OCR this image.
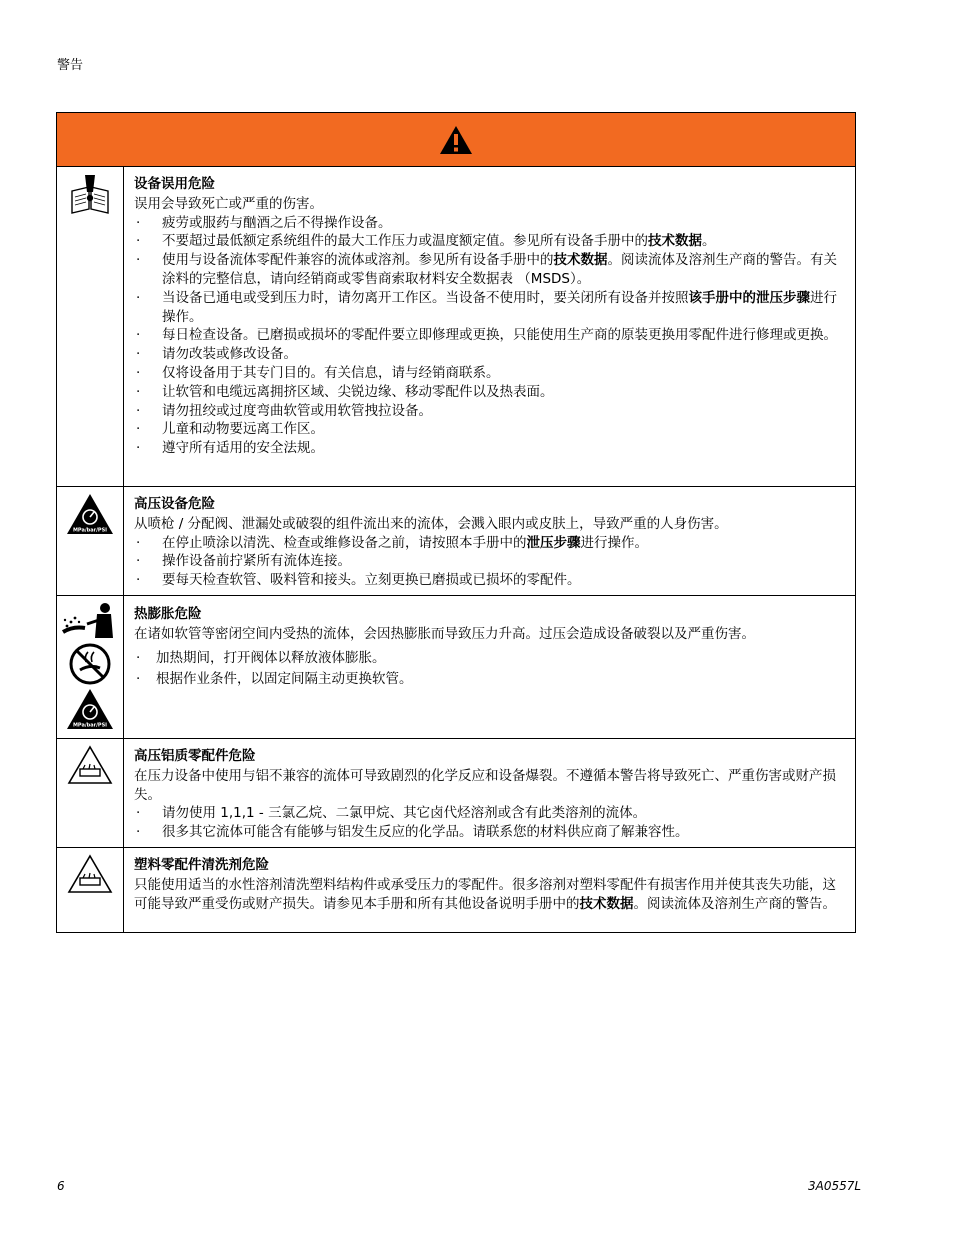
警告
设备误用危险
误用会导致死亡或严重的伤害。
· 疲劳或服药与酗酒之后不得操作设备。
· 不要超过最低额定系统组件的最大工作压力或温度额定值。参见所有设备手册中的技术数据。
· 使用与设备流体零配件兼容的流体或溶剂。参见所有设备手册中的技术数据。阅读流体及溶剂生产商的警告。有关涂料的完整信息，请向经销商或零售商索取材料安全数据表 （MSDS）。
· 当设备已通电或受到压力时，请勿离开工作区。当设备不使用时，要关闭所有设备并按照该手册中的泄压步骤进行操作。
· 每日检查设备。已磨损或损坏的零配件要立即修理或更换，只能使用生产商的原装更换用零配件进行修理或更换。
· 请勿改装或修改设备。
· 仅将设备用于其专门目的。有关信息，请与经销商联系。
· 让软管和电缆远离拥挤区域、尖锐边缘、移动零配件以及热表面。
· 请勿扭绞或过度弯曲软管或用软管拽拉设备。
· 儿童和动物要远离工作区。
· 遵守所有适用的安全法规。
MPa/bar/PSI
高压设备危险
从喷枪 / 分配阀、泄漏处或破裂的组件流出来的流体，会溅入眼内或皮肤上，导致严重的人身伤害。
· 在停止喷涂以清洗、检查或维修设备之前，请按照本手册中的泄压步骤进行操作。
· 操作设备前拧紧所有流体连接。
· 要每天检查软管、吸料管和接头。立刻更换已磨损或已损坏的零配件。
MPa/bar/PSI
热膨胀危险
在诸如软管等密闭空间内受热的流体，会因热膨胀而导致压力升高。过压会造成设备破裂以及严重伤害。
· 加热期间，打开阀体以释放液体膨胀。
· 根据作业条件，以固定间隔主动更换软管。
高压铝质零配件危险
在压力设备中使用与铝不兼容的流体可导致剧烈的化学反应和设备爆裂。不遵循本警告将导致死亡、严重伤害或财产损失。
· 请勿使用 1,1,1 - 三氯乙烷、二氯甲烷、其它卤代烃溶剂或含有此类溶剂的流体。
· 很多其它流体可能含有能够与铝发生反应的化学品。请联系您的材料供应商了解兼容性。
塑料零配件清洗剂危险
只能使用适当的水性溶剂清洗塑料结构件或承受压力的零配件。很多溶剂对塑料零配件有损害作用并使其丧失功能，这可能导致严重受伤或财产损失。请参见本手册和所有其他设备说明手册中的技术数据。阅读流体及溶剂生产商的警告。
6	3A0557L
